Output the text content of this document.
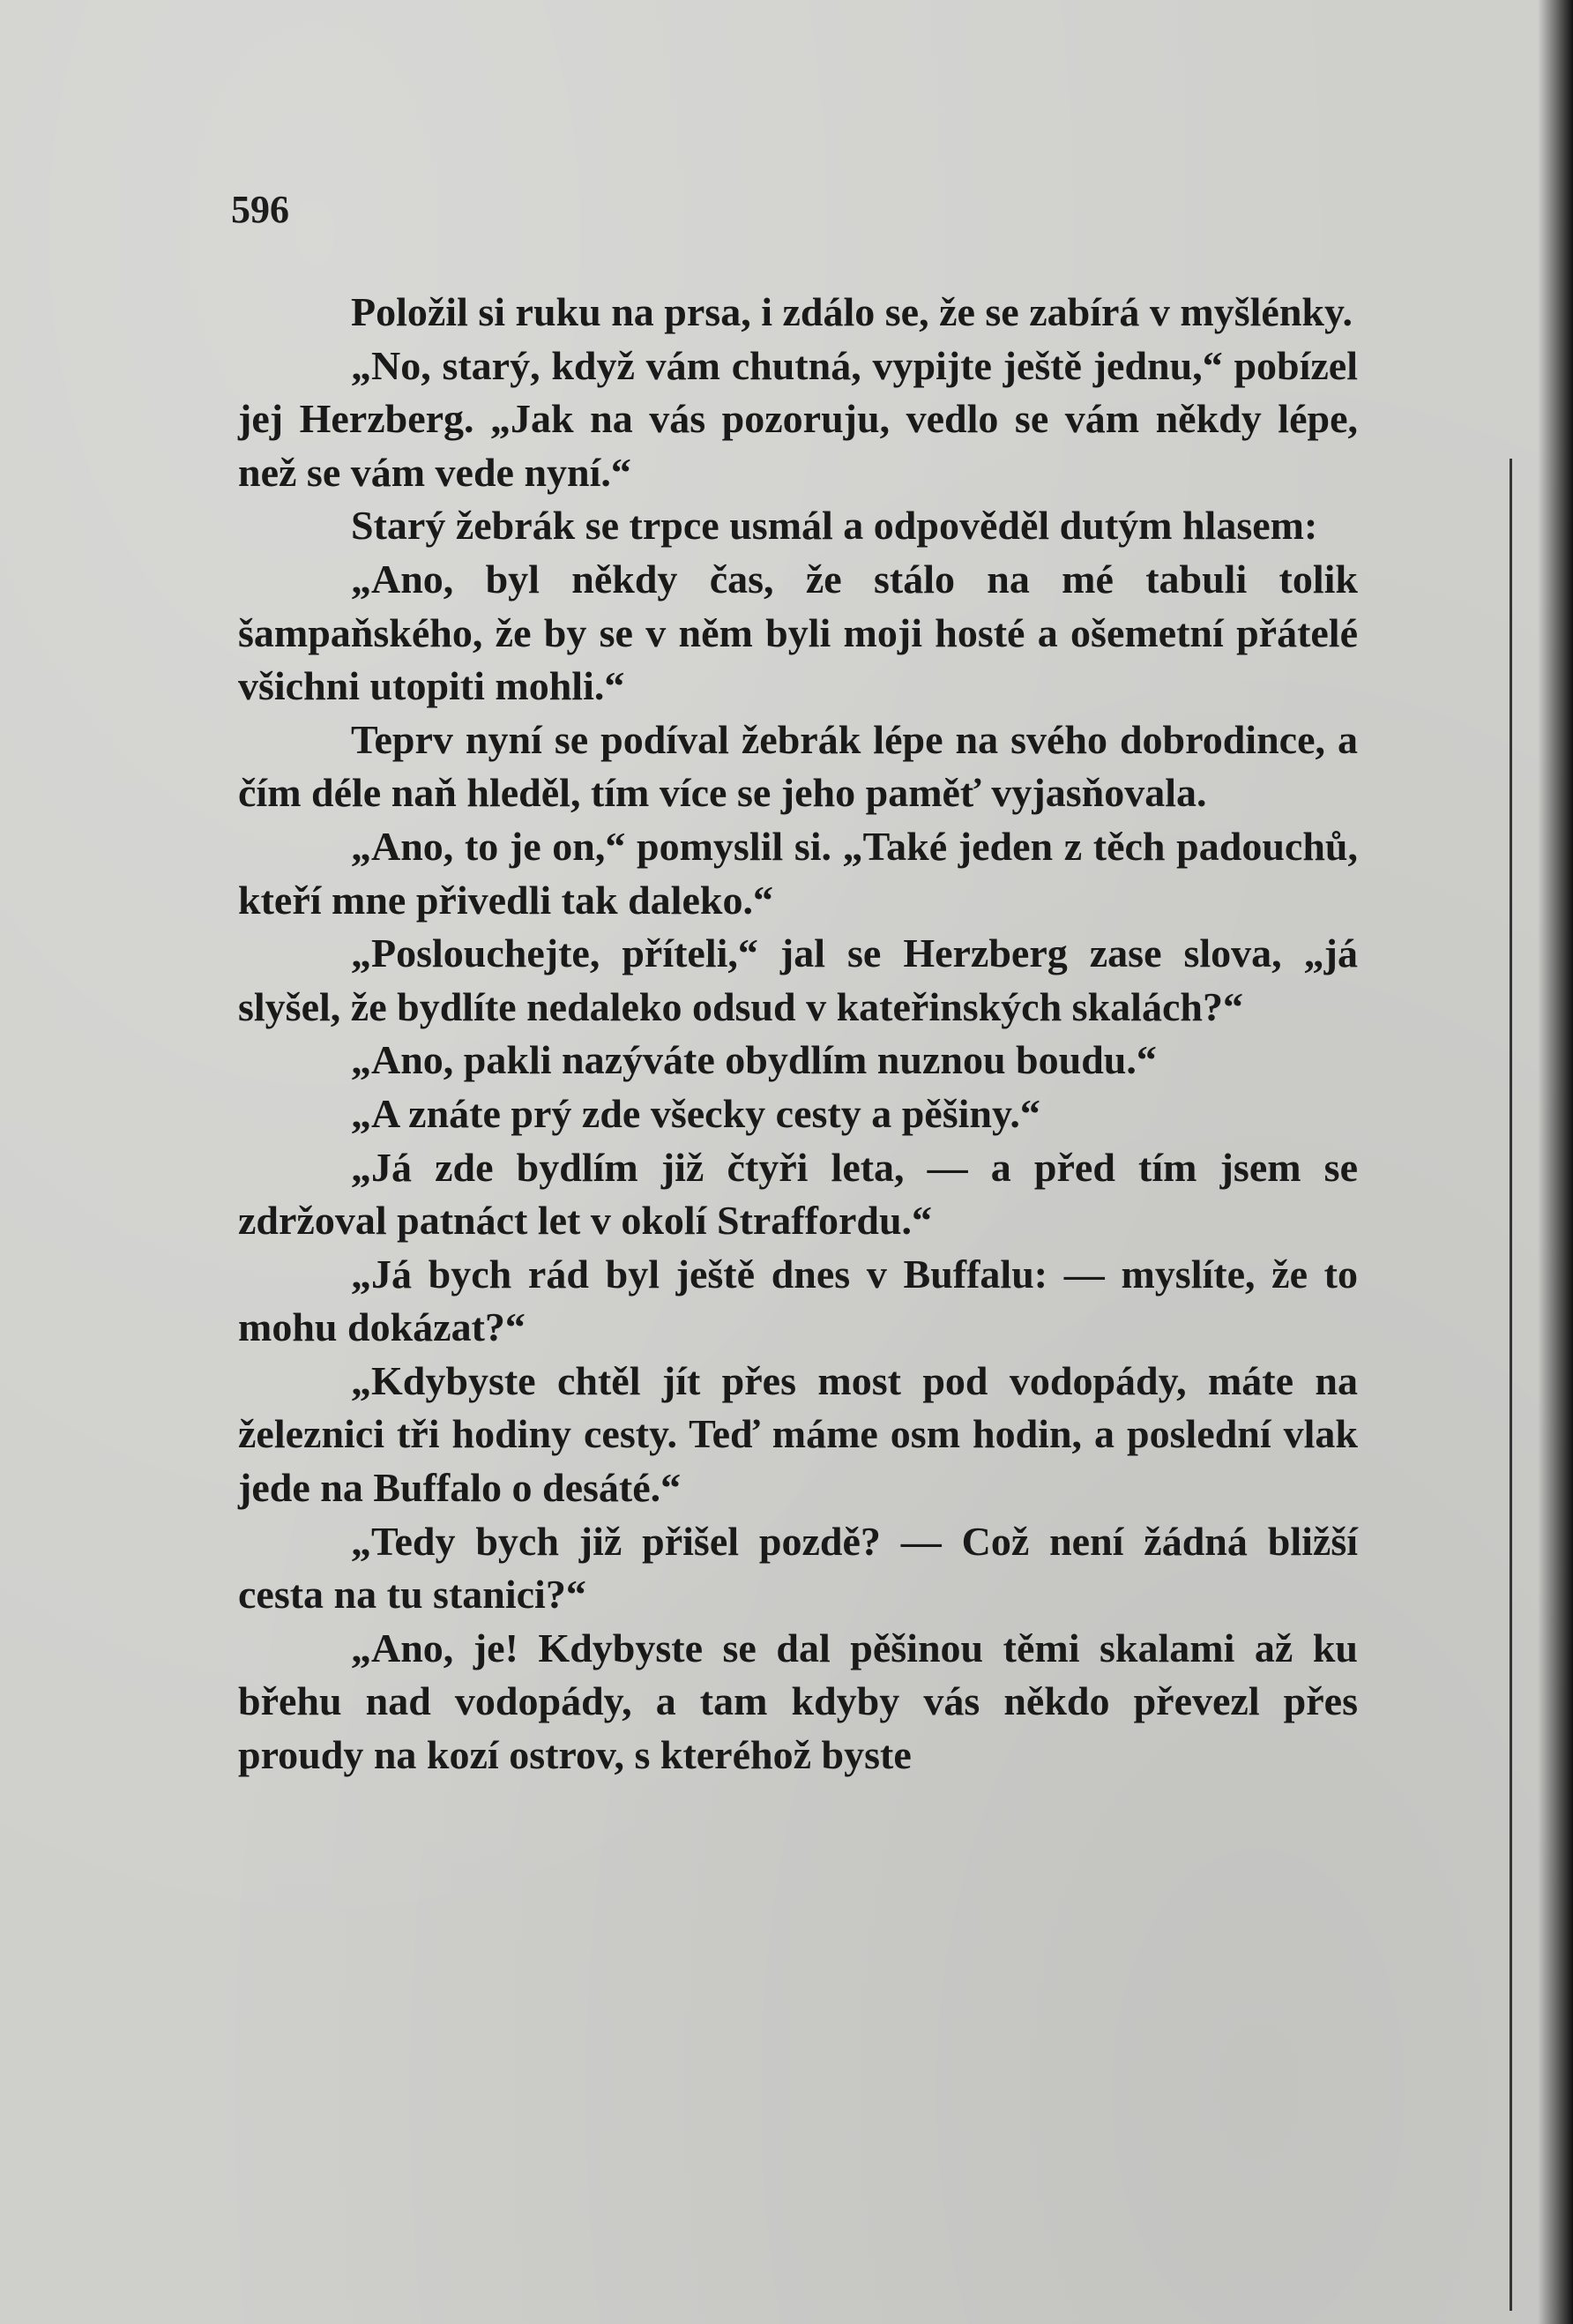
596

Položil si ruku na prsa, i zdálo se, že se zabírá v myšlénky.

„No, starý, když vám chutná, vypijte ještě jednu,“ pobízel jej Herzberg. „Jak na vás pozoruju, vedlo se vám někdy lépe, než se vám vede nyní.“

Starý žebrák se trpce usmál a odpověděl dutým hlasem:

„Ano, byl někdy čas, že stálo na mé tabuli tolik šampaňského, že by se v něm byli moji hosté a ošemetní přátelé všichni utopiti mohli.“

Teprv nyní se podíval žebrák lépe na svého dobrodince, a čím déle naň hleděl, tím více se jeho paměť vyjasňovala.

„Ano, to je on,“ pomyslil si. „Také jeden z těch padouchů, kteří mne přivedli tak daleko.“

„Poslouchejte, příteli,“ jal se Herzberg zase slova, „já slyšel, že bydlíte nedaleko odsud v kateřinských skalách?“

„Ano, pakli nazýváte obydlím nuznou boudu.“

„A znáte prý zde všecky cesty a pěšiny.“

„Já zde bydlím již čtyři leta, — a před tím jsem se zdržoval patnáct let v okolí Straffordu.“

„Já bych rád byl ještě dnes v Buffalu: — myslíte, že to mohu dokázat?“

„Kdybyste chtěl jít přes most pod vodopády, máte na železnici tři hodiny cesty. Teď máme osm hodin, a poslední vlak jede na Buffalo o desáté.“

„Tedy bych již přišel pozdě? — Což není žádná bližší cesta na tu stanici?“

„Ano, je! Kdybyste se dal pěšinou těmi skalami až ku břehu nad vodopády, a tam kdyby vás někdo převezl přes proudy na kozí ostrov, s kteréhož byste
